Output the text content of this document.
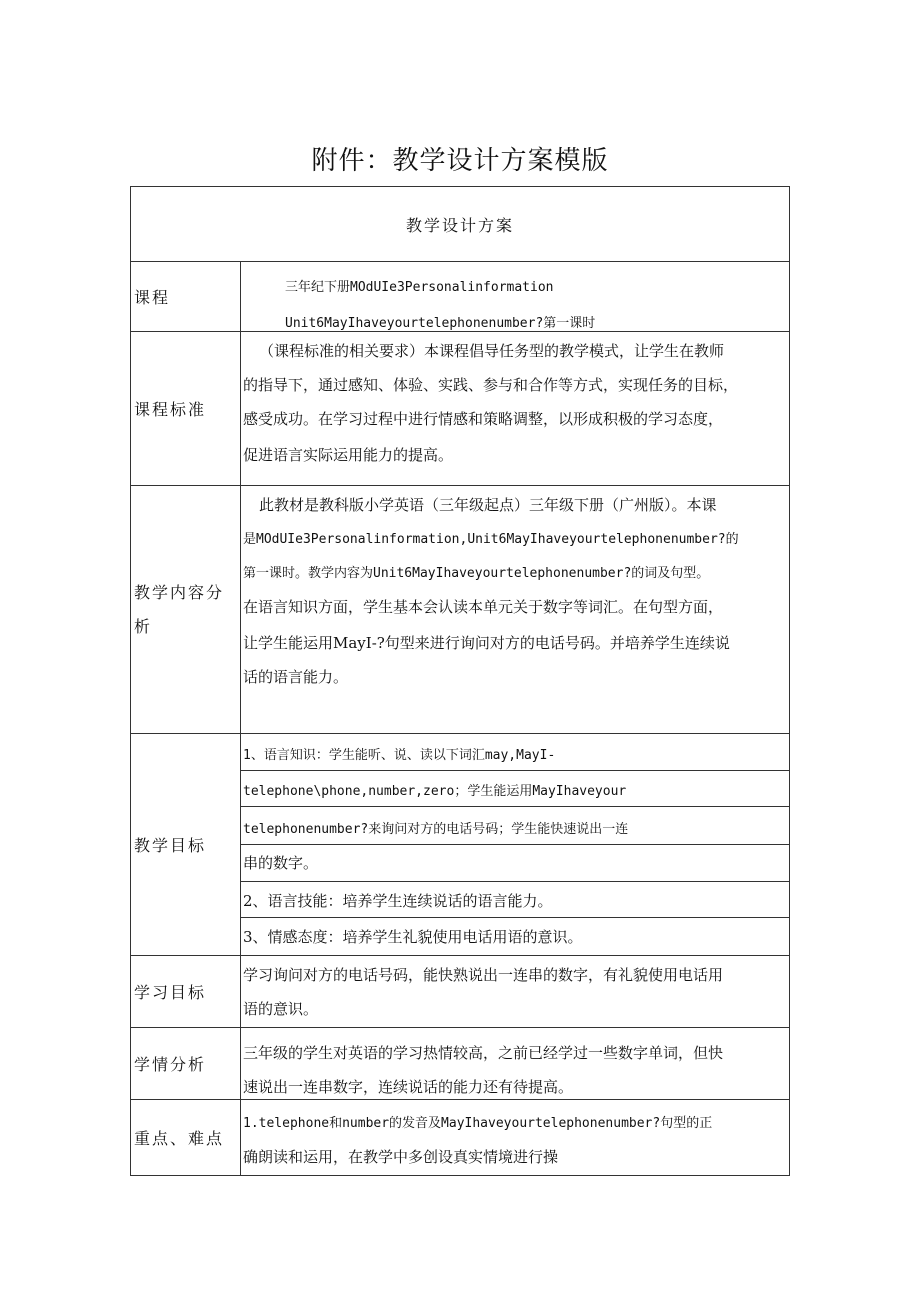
附件：教学设计方案模版
教学设计方案
课程
三年纪下册MOdUIe3Personalinformation
Unit6MayIhaveyourtelephonenumber?第一课时
课程标准
（课程标准的相关要求）本课程倡导任务型的教学模式，让学生在教师
的指导下，通过感知、体验、实践、参与和合作等方式，实现任务的目标，
感受成功。在学习过程中进行情感和策略调整，以形成积极的学习态度，
促进语言实际运用能力的提高。
教学内容分
析
此教材是教科版小学英语（三年级起点）三年级下册（广州版）。本课
是MOdUIe3Personalinformation,Unit6MayIhaveyourtelephonenumber?的
第一课时。教学内容为Unit6MayIhaveyourtelephonenumber?的词及句型。
在语言知识方面，学生基本会认读本单元关于数字等词汇。在句型方面，
让学生能运用MayI-?句型来进行询问对方的电话号码。并培养学生连续说
话的语言能力。
教学目标
1、语言知识：学生能听、说、读以下词汇may,MayI-
telephone\phone,number,zero；学生能运用MayIhaveyour
telephonenumber?来询问对方的电话号码；学生能快速说出一连
串的数字。
2、语言技能：培养学生连续说话的语言能力。
3、情感态度：培养学生礼貌使用电话用语的意识。
学习目标
学习询问对方的电话号码，能快熟说出一连串的数字，有礼貌使用电话用
语的意识。
学情分析
三年级的学生对英语的学习热情较高，之前已经学过一些数字单词，但快
速说出一连串数字，连续说话的能力还有待提高。
重点、难点
1.telephone和number的发音及MayIhaveyourtelephonenumber?句型的正
确朗读和运用，在教学中多创设真实情境进行操
